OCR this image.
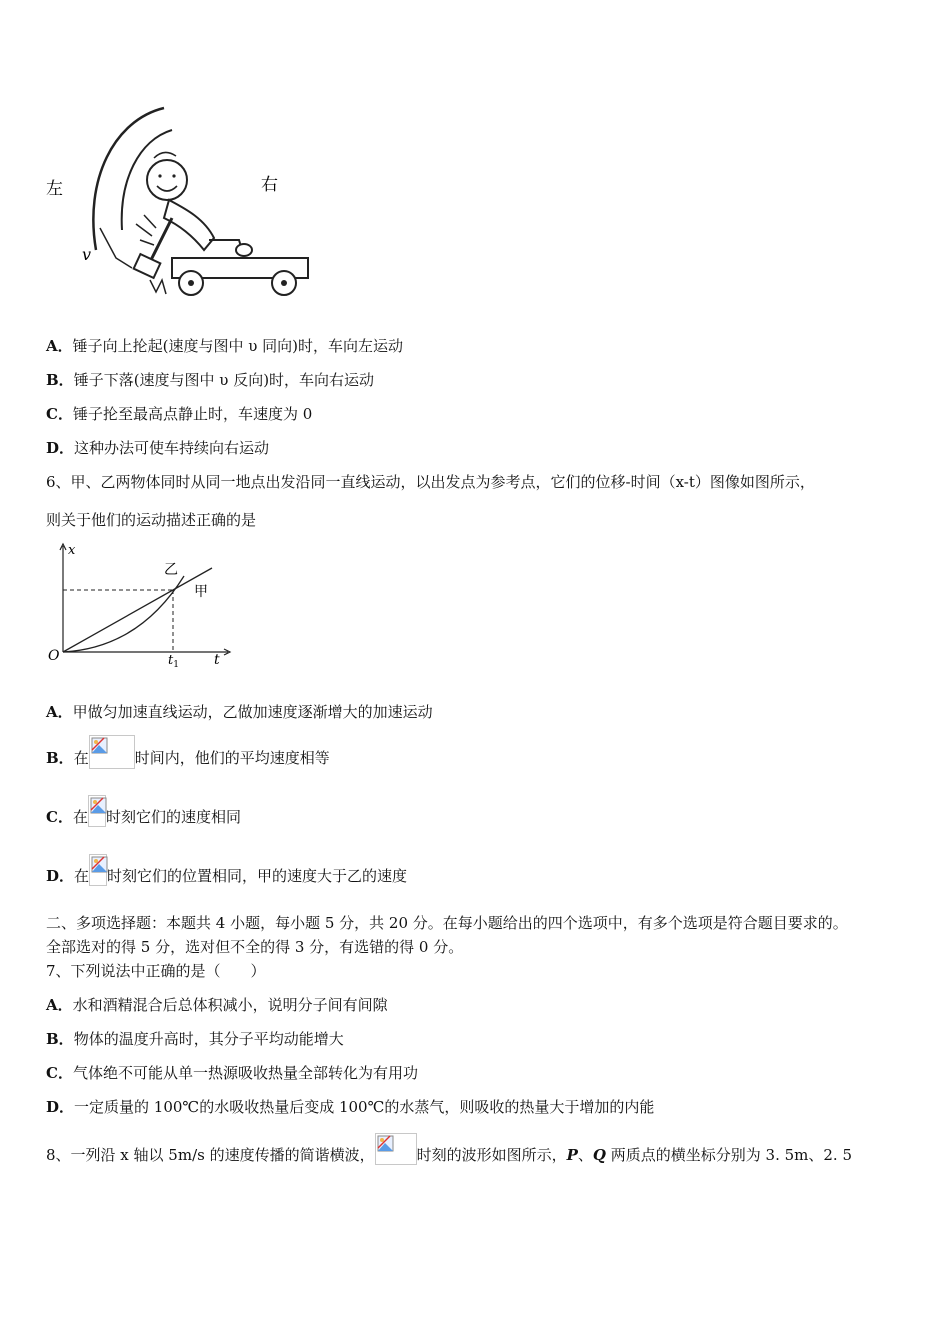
左	右
v
A．锤子向上抡起(速度与图中 υ 同向)时，车向左运动
B．锤子下落(速度与图中 υ 反向)时，车向右运动
C．锤子抡至最高点静止时，车速度为 0
D．这种办法可使车持续向右运动
6、甲、乙两物体同时从同一地点出发沿同一直线运动，以出发点为参考点，它们的位移-时间（x-t）图像如图所示，
则关于他们的运动描述正确的是
x
t
O
乙
甲
$t_1$
A．甲做匀加速直线运动，乙做加速度逐渐增大的加速运动
B．在	时间内，他们的平均速度相等
C．在 时刻它们的速度相同
D．在 时刻它们的位置相同，甲的速度大于乙的速度
二、多项选择题：本题共 4 小题，每小题 5 分，共 20 分。在每小题给出的四个选项中，有多个选项是符合题目要求的。
全部选对的得 5 分，选对但不全的得 3 分，有选错的得 0 分。
7、下列说法中正确的是（　　）
A．水和酒精混合后总体积减小，说明分子间有间隙
B．物体的温度升高时，其分子平均动能增大
C．气体绝不可能从单一热源吸收热量全部转化为有用功
D．一定质量的 100℃的水吸收热量后变成 100℃的水蒸气，则吸收的热量大于增加的内能
8、一列沿 x 轴以 5m/s 的速度传播的简谐横波，	时刻的波形如图所示，P、Q 两质点的横坐标分别为 3. 5m、2. 5
